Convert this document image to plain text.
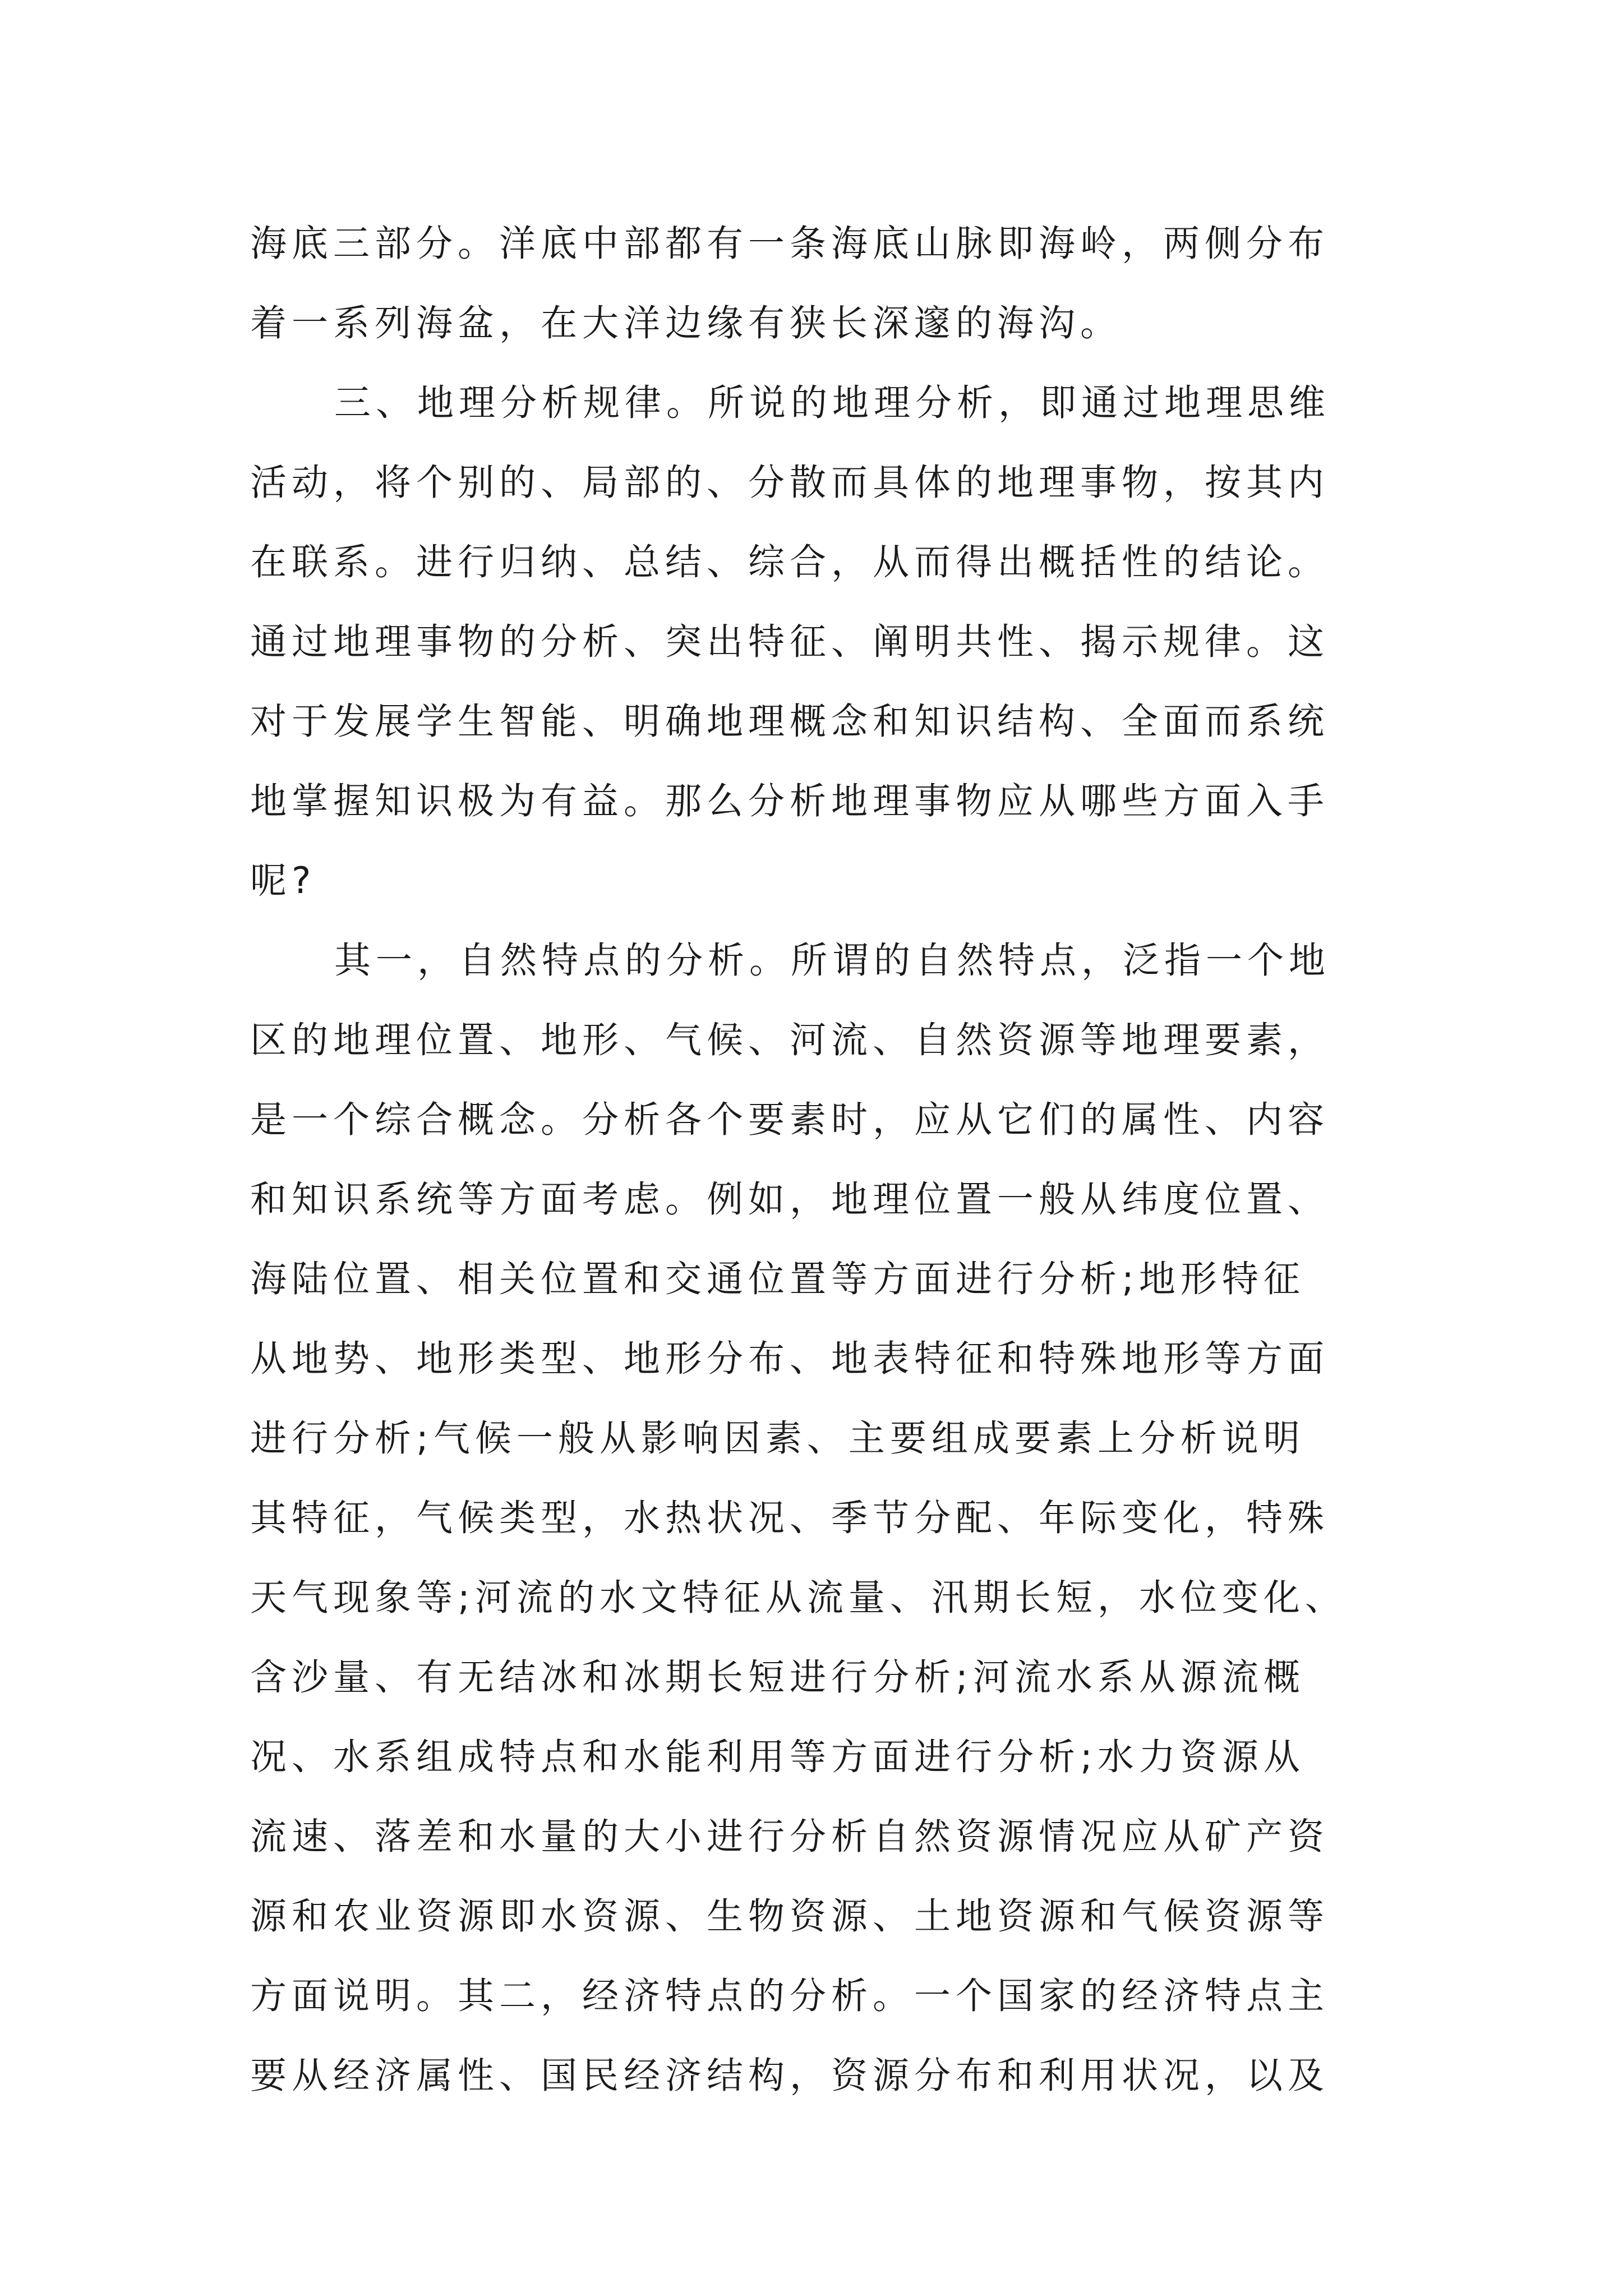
海底三部分。洋底中部都有一条海底山脉即海岭，两侧分布
着一系列海盆，在大洋边缘有狭长深邃的海沟。
三、地理分析规律。所说的地理分析，即通过地理思维
活动，将个别的、局部的、分散而具体的地理事物，按其内
在联系。进行归纳、总结、综合，从而得出概括性的结论。
通过地理事物的分析、突出特征、阐明共性、揭示规律。这
对于发展学生智能、明确地理概念和知识结构、全面而系统
地掌握知识极为有益。那么分析地理事物应从哪些方面入手
呢?
其一，自然特点的分析。所谓的自然特点，泛指一个地
区的地理位置、地形、气候、河流、自然资源等地理要素，
是一个综合概念。分析各个要素时，应从它们的属性、内容
和知识系统等方面考虑。例如，地理位置一般从纬度位置、
海陆位置、相关位置和交通位置等方面进行分析;地形特征
从地势、地形类型、地形分布、地表特征和特殊地形等方面
进行分析;气候一般从影响因素、主要组成要素上分析说明
其特征，气候类型，水热状况、季节分配、年际变化，特殊
天气现象等;河流的水文特征从流量、汛期长短，水位变化、
含沙量、有无结冰和冰期长短进行分析;河流水系从源流概
况、水系组成特点和水能利用等方面进行分析;水力资源从
流速、落差和水量的大小进行分析自然资源情况应从矿产资
源和农业资源即水资源、生物资源、土地资源和气候资源等
方面说明。其二，经济特点的分析。一个国家的经济特点主
要从经济属性、国民经济结构，资源分布和利用状况，以及
